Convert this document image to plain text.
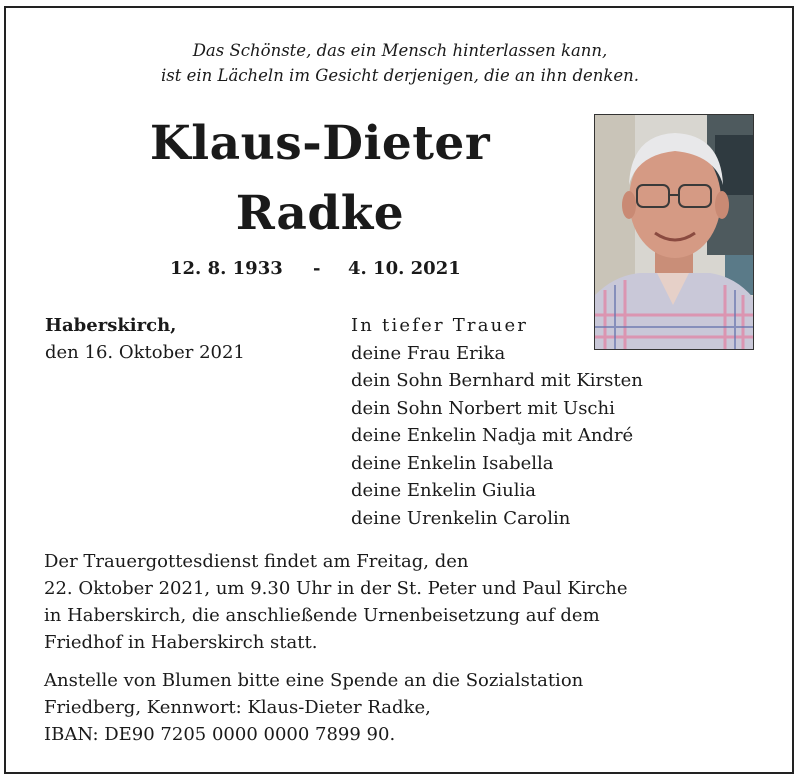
Das Schönste, das ein Mensch hinterlassen kann,
ist ein Lächeln im Gesicht derjenigen, die an ihn denken.
Klaus-Dieter
Radke
12. 8. 1933 - 4. 10. 2021
Haberskirch,
den 16. Oktober 2021
In tiefer Trauer
deine Frau Erika
dein Sohn Bernhard mit Kirsten
dein Sohn Norbert mit Uschi
deine Enkelin Nadja mit André
deine Enkelin Isabella
deine Enkelin Giulia
deine Urenkelin Carolin
Der Trauergottesdienst findet am Freitag, den
22. Oktober 2021, um 9.30 Uhr in der St. Peter und Paul Kirche
in Haberskirch, die anschließende Urnenbeisetzung auf dem
Friedhof in Haberskirch statt.
Anstelle von Blumen bitte eine Spende an die Sozialstation
Friedberg, Kennwort: Klaus-Dieter Radke,
IBAN: DE90 7205 0000 0000 7899 90.
